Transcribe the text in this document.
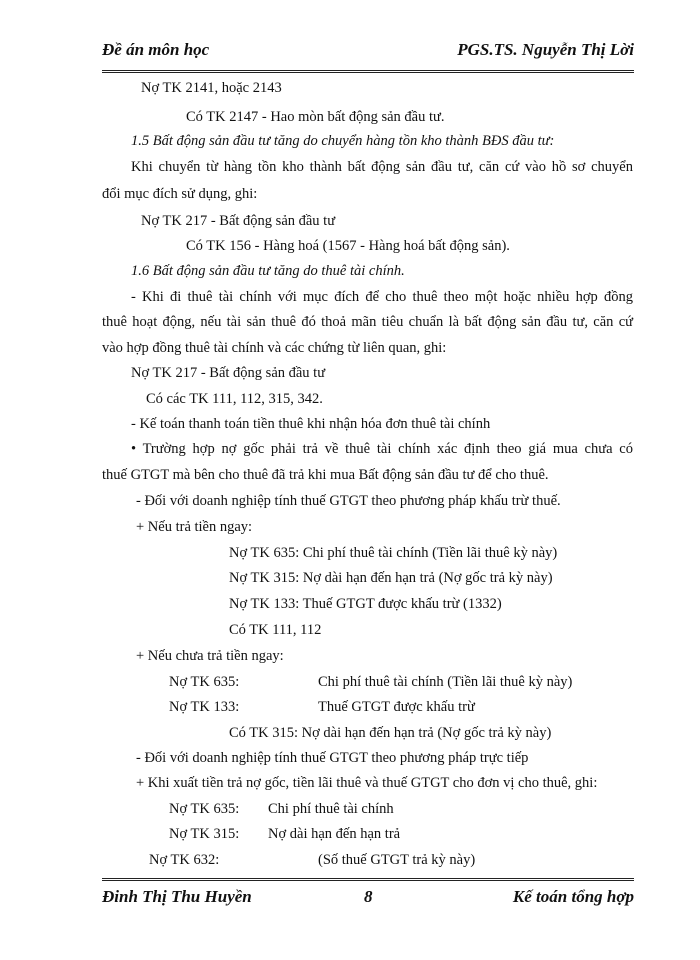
Đề án môn học	PGS.TS. Nguyễn Thị Lời
Nợ TK 2141, hoặc 2143
Có TK 2147 - Hao mòn bất động sản đầu tư.
1.5 Bất động sản đầu tư tăng do chuyển hàng tồn kho thành BĐS đầu tư:
Khi chuyển từ hàng tồn kho thành bất động sản đầu tư, căn cứ vào hồ sơ chuyển
đổi mục đích sử dụng, ghi:
Nợ TK 217 - Bất động sản đầu tư
Có TK 156 - Hàng hoá (1567 - Hàng hoá bất động sản).
1.6 Bất động sản đầu tư tăng do thuê tài chính.
- Khi đi thuê tài chính với mục đích để cho thuê theo một hoặc nhiều hợp đồng
thuê hoạt động, nếu tài sản thuê đó thoả mãn tiêu chuẩn là bất động sản đầu tư, căn cứ
vào hợp đồng thuê tài chính và các chứng từ liên quan, ghi:
Nợ TK 217 - Bất động sản đầu tư
Có các TK 111, 112, 315, 342.
- Kế toán thanh toán tiền thuê khi nhận hóa đơn thuê tài chính
• Trường hợp nợ gốc phải trả về thuê tài chính xác định theo giá mua chưa có
thuế GTGT mà bên cho thuê đã trả khi mua Bất động sản đầu tư để cho thuê.
- Đối với doanh nghiệp tính thuế GTGT theo phương pháp khấu trừ thuế.
+ Nếu trả tiền ngay:
Nợ TK 635: Chi phí thuê tài chính (Tiền lãi thuê kỳ này)
Nợ TK 315: Nợ dài hạn đến hạn trả (Nợ gốc trả kỳ này)
Nợ TK 133: Thuế GTGT được khấu trừ (1332)
Có TK 111, 112
+ Nếu chưa trả tiền ngay:
Nợ TK 635:	Chi phí thuê tài chính (Tiền lãi thuê kỳ này)
Nợ TK 133:	Thuế GTGT được khấu trừ
Có TK 315: Nợ dài hạn đến hạn trả (Nợ gốc trả kỳ này)
- Đối với doanh nghiệp tính thuế GTGT theo phương pháp trực tiếp
+ Khi xuất tiền trả nợ gốc, tiền lãi thuê và thuế GTGT cho đơn vị cho thuê, ghi:
Nợ TK 635: Chi phí thuê tài chính
Nợ TK 315: Nợ dài hạn đến hạn trả
Nợ TK 632:	(Số thuế GTGT trả kỳ này)
Đinh Thị Thu Huyền	8	Kế toán tổng hợp
